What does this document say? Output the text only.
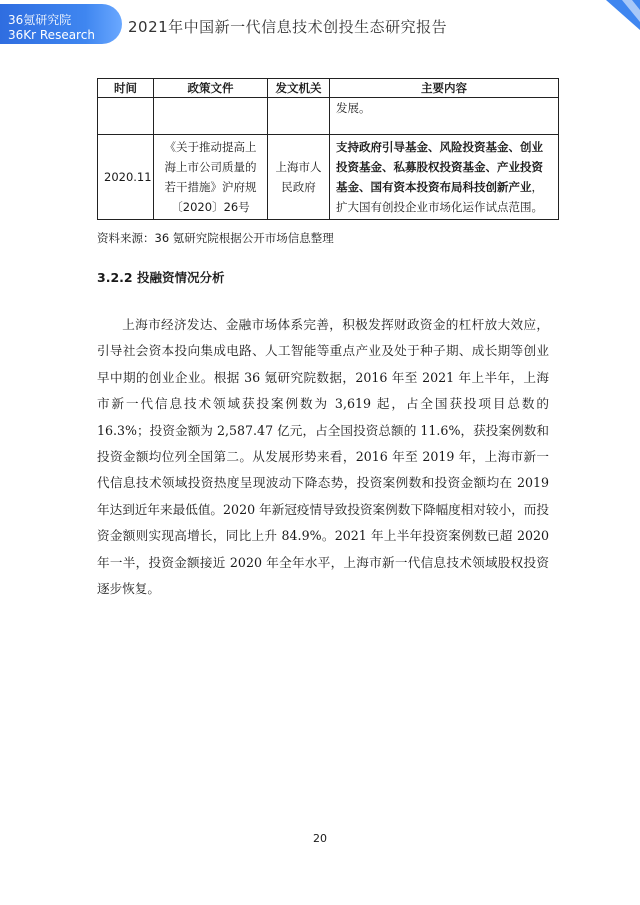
36氪研究院
36Kr Research 2021年中国新一代信息技术创投生态研究报告
时间	政策文件	发文机关	主要内容
			发展。
2020.11	《关于推动提高上海上市公司质量的若干措施》沪府规〔2020〕26号	上海市人民政府	支持政府引导基金、风险投资基金、创业投资基金、私募股权投资基金、产业投资基金、国有资本投资布局科技创新产业，扩大国有创投企业市场化运作试点范围。
资料来源：36 氪研究院根据公开市场信息整理
3.2.2 投融资情况分析

上海市经济发达、金融市场体系完善，积极发挥财政资金的杠杆放大效应，引导社会资本投向集成电路、人工智能等重点产业及处于种子期、成长期等创业早中期的创业企业。根据 36 氪研究院数据，2016 年至 2021 年上半年，上海市新一代信息技术领域获投案例数为 3,619 起，占全国获投项目总数的 16.3%；投资金额为 2,587.47 亿元，占全国投资总额的 11.6%，获投案例数和投资金额均位列全国第二。从发展形势来看，2016 年至 2019 年，上海市新一代信息技术领域投资热度呈现波动下降态势，投资案例数和投资金额均在 2019 年达到近年来最低值。2020 年新冠疫情导致投资案例数下降幅度相对较小，而投资金额则实现高增长，同比上升 84.9%。2021 年上半年投资案例数已超 2020 年一半，投资金额接近 2020 年全年水平，上海市新一代信息技术领域股权投资逐步恢复。

20
